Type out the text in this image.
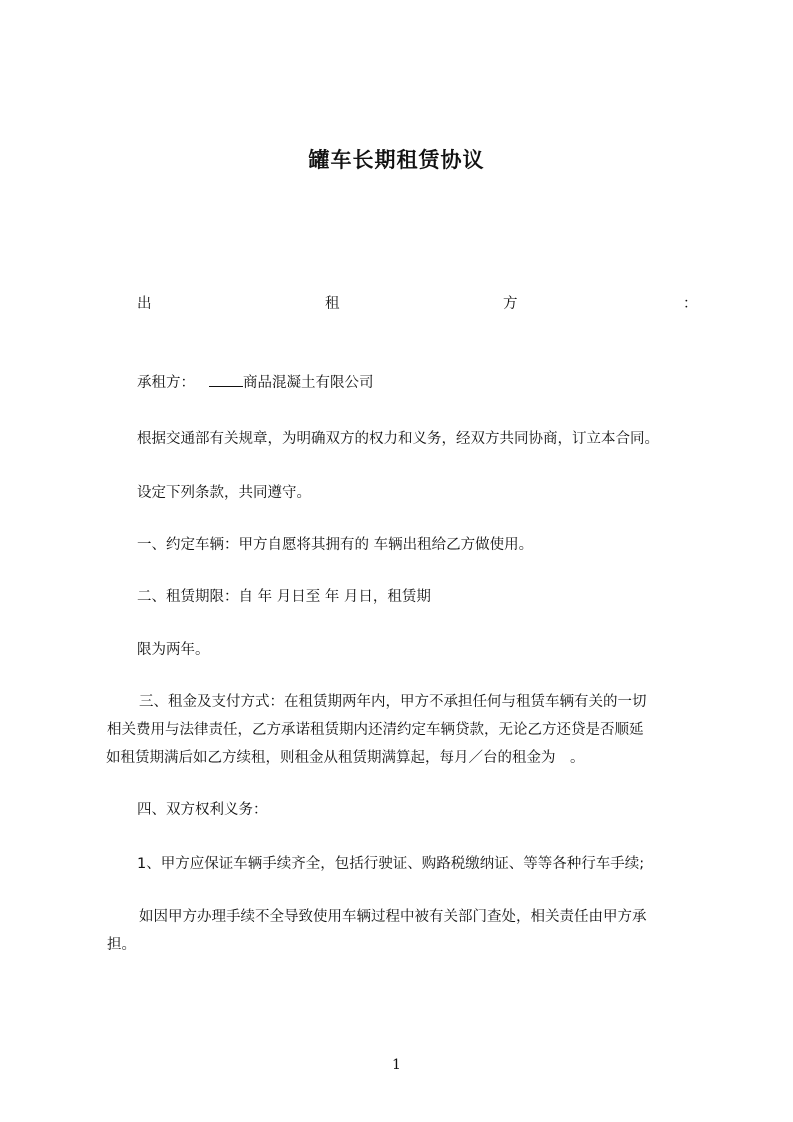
罐车长期租赁协议
出	租	方	：
承租方：	商品混凝土有限公司
根据交通部有关规章，为明确双方的权力和义务，经双方共同协商，订立本合同。
设定下列条款，共同遵守。
一、约定车辆：甲方自愿将其拥有的 车辆出租给乙方做使用。
二、租赁期限：自 年 月日至 年 月日，租赁期
限为两年。
三、租金及支付方式：在租赁期两年内，甲方不承担任何与租赁车辆有关的一切
相关费用与法律责任，乙方承诺租赁期内还清约定车辆贷款，无论乙方还贷是否顺延
如租赁期满后如乙方续租，则租金从租赁期满算起，每月／台的租金为　。
四、双方权利义务：
1、甲方应保证车辆手续齐全，包括行驶证、购路税缴纳证、等等各种行车手续;
如因甲方办理手续不全导致使用车辆过程中被有关部门查处，相关责任由甲方承
担。
1
